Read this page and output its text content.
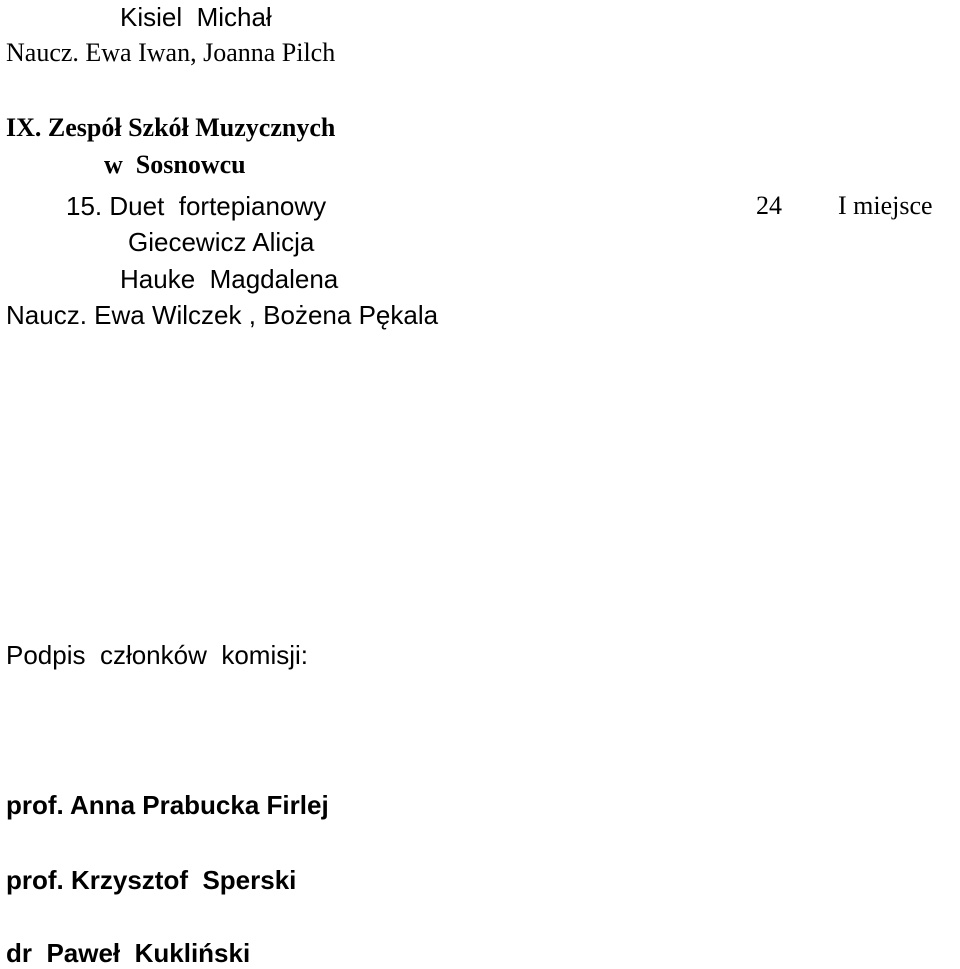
Kisiel  Michał
Naucz. Ewa Iwan, Joanna Pilch
IX. Zespół Szkół Muzycznych
w  Sosnowcu
15. Duet  fortepianowy	24 I miejsce
Giecewicz Alicja
Hauke  Magdalena
Naucz. Ewa Wilczek , Bożena Pękala
Podpis  członków  komisji:
prof. Anna Prabucka Firlej
prof. Krzysztof  Sperski
dr  Paweł  Kukliński
